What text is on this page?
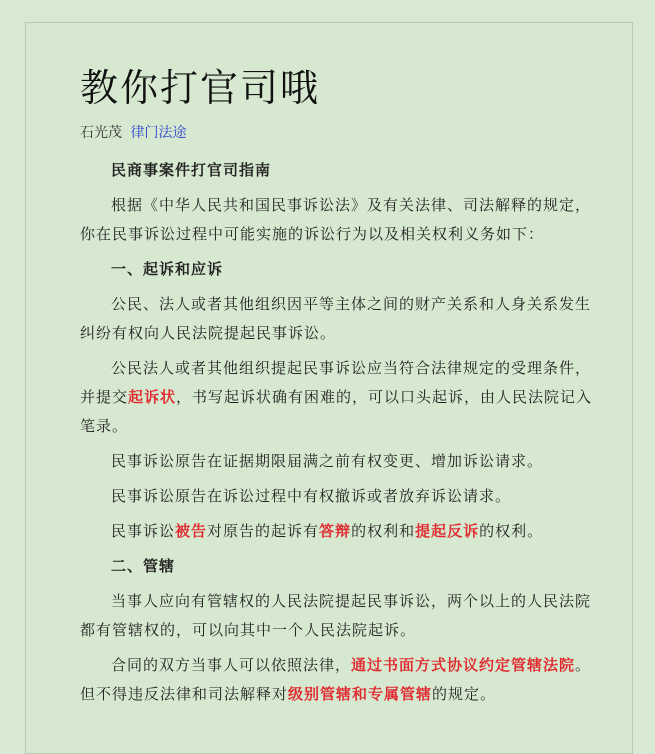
教你打官司哦
石光茂 律门法途

民商事案件打官司指南

根据《中华人民共和国民事诉讼法》及有关法律、司法解释的规定，你在民事诉讼过程中可能实施的诉讼行为以及相关权利义务如下：

一、起诉和应诉

公民、法人或者其他组织因平等主体之间的财产关系和人身关系发生纠纷有权向人民法院提起民事诉讼。

公民法人或者其他组织提起民事诉讼应当符合法律规定的受理条件，并提交起诉状，书写起诉状确有困难的，可以口头起诉，由人民法院记入笔录。

民事诉讼原告在证据期限届满之前有权变更、增加诉讼请求。

民事诉讼原告在诉讼过程中有权撤诉或者放弃诉讼请求。

民事诉讼被告对原告的起诉有答辩的权利和提起反诉的权利。

二、管辖

当事人应向有管辖权的人民法院提起民事诉讼，两个以上的人民法院都有管辖权的，可以向其中一个人民法院起诉。

合同的双方当事人可以依照法律，通过书面方式协议约定管辖法院。

但不得违反法律和司法解释对级别管辖和专属管辖的规定。
